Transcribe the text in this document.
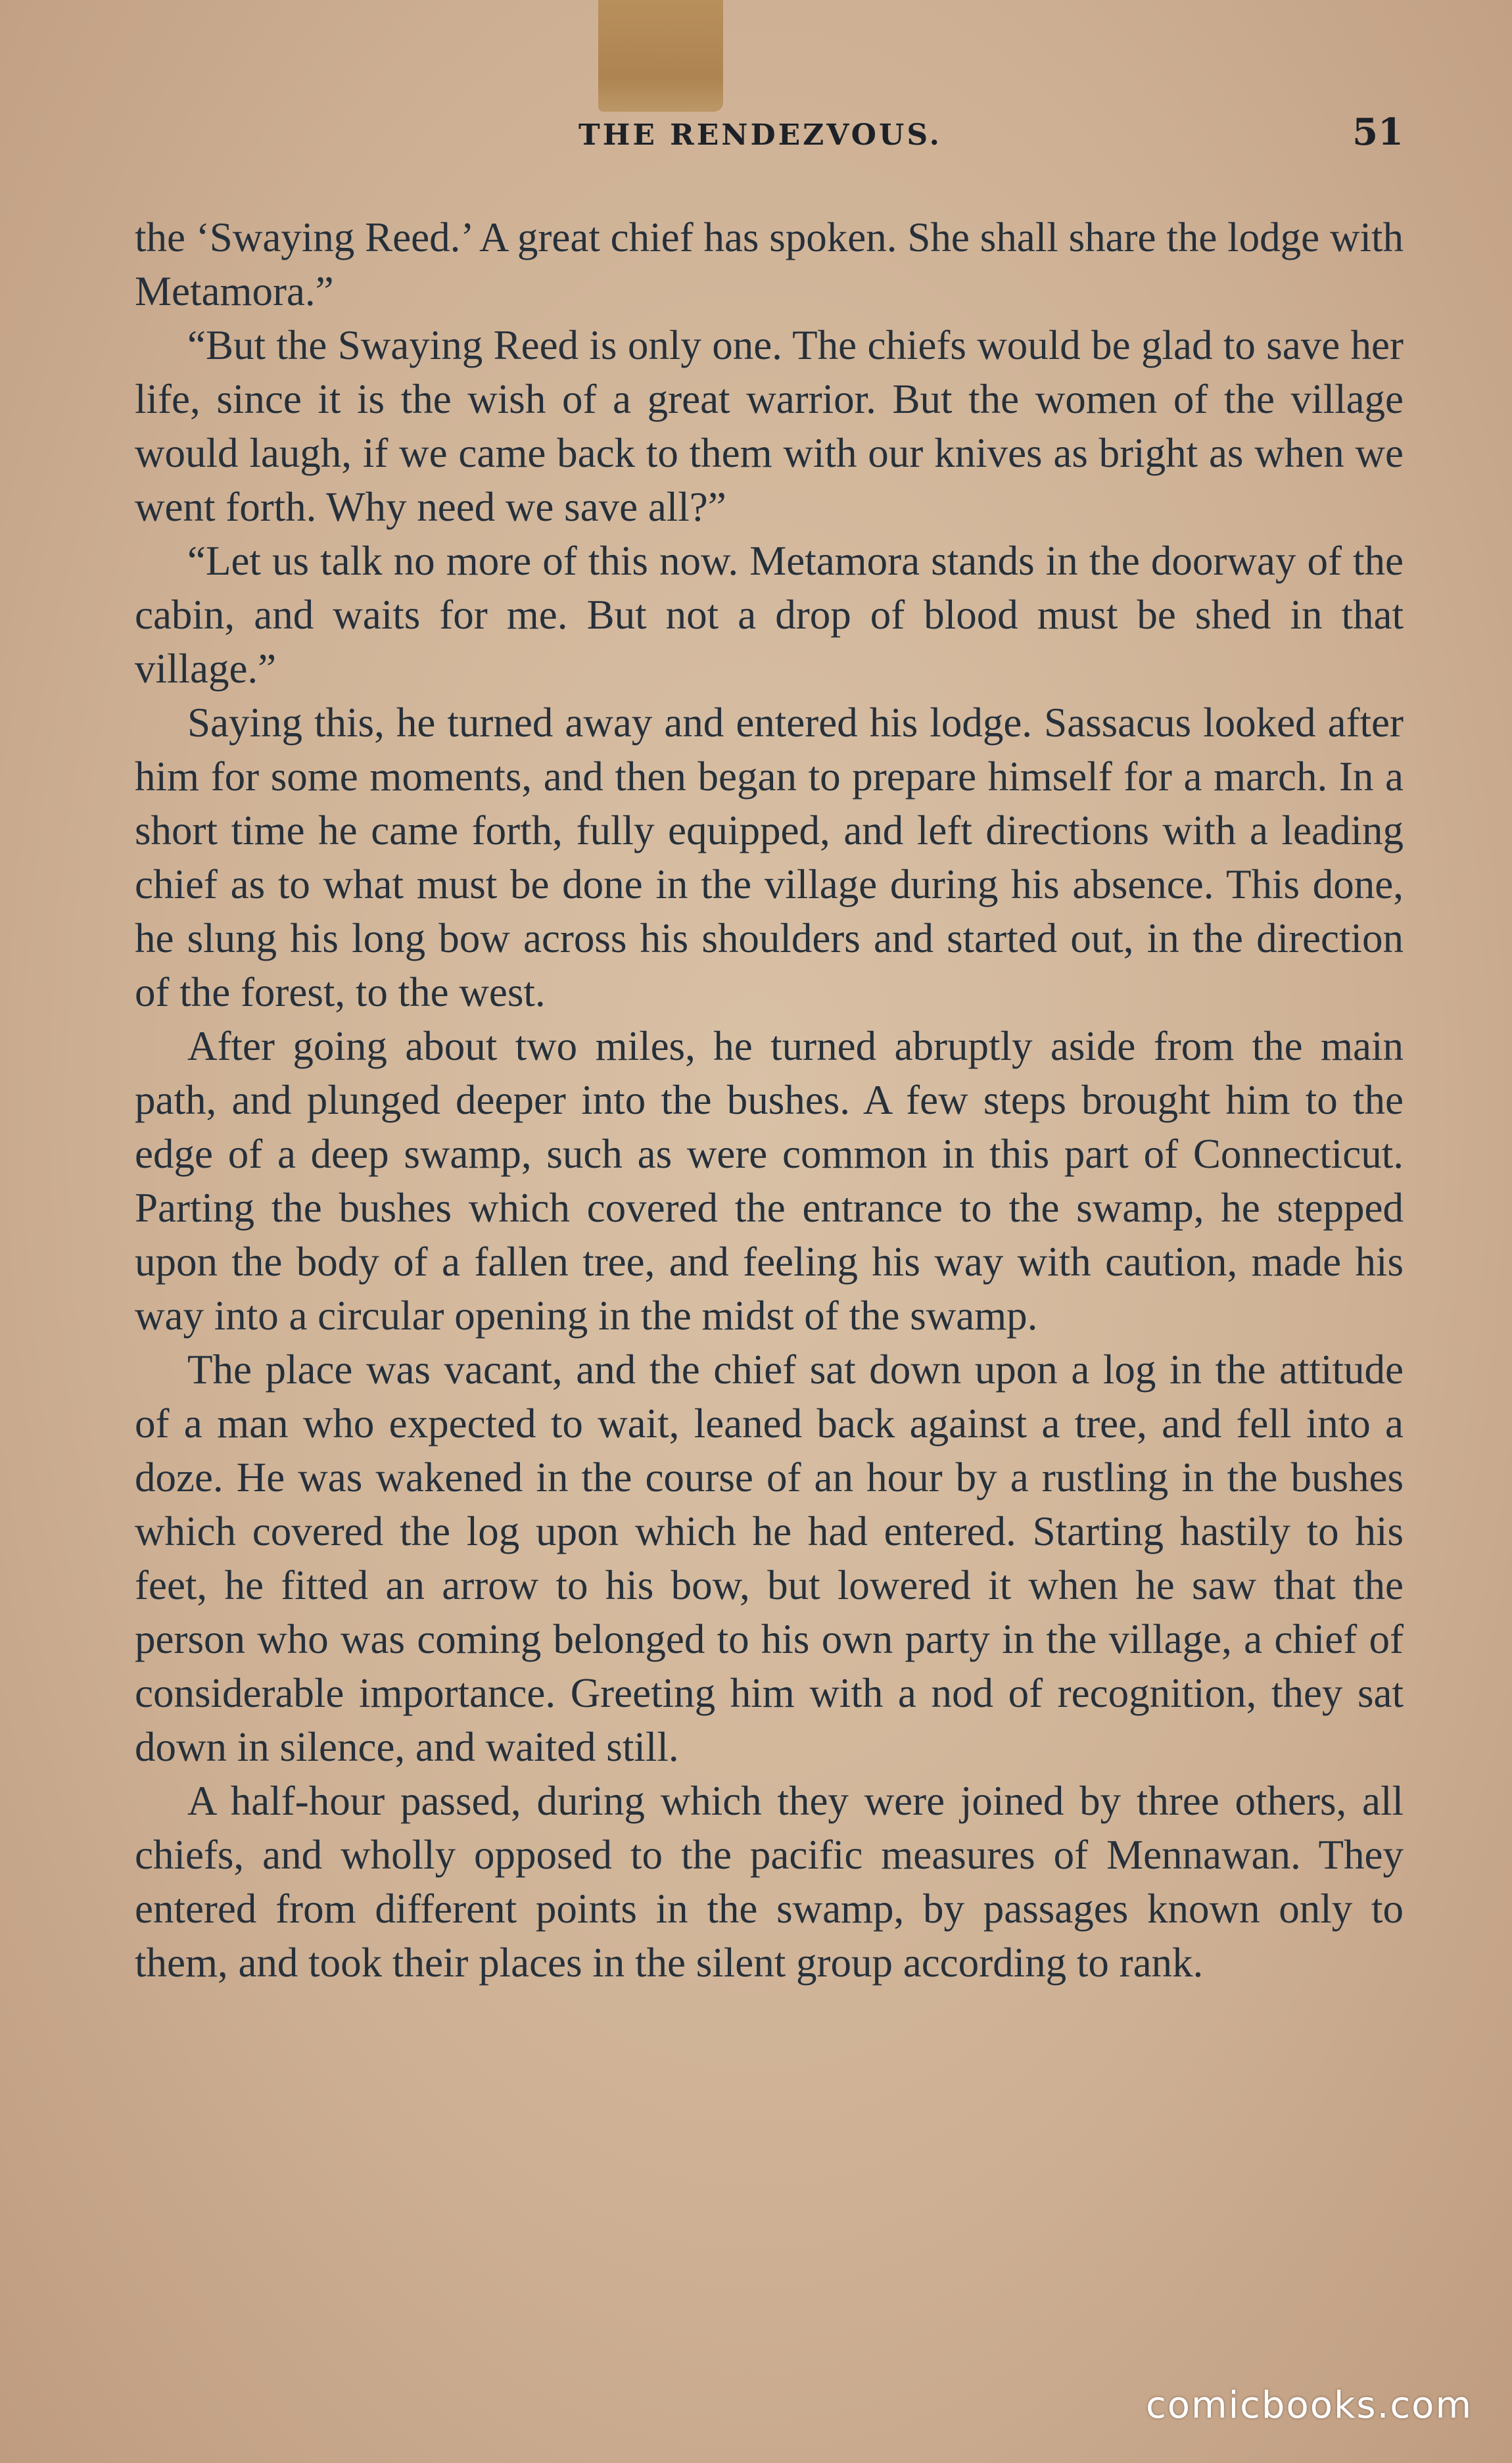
THE RENDEZVOUS.	51

the ‘Swaying Reed.’ A great chief has spoken. She shall share the lodge with Metamora.”

“But the Swaying Reed is only one. The chiefs would be glad to save her life, since it is the wish of a great warrior. But the women of the village would laugh, if we came back to them with our knives as bright as when we went forth. Why need we save all?”

“Let us talk no more of this now. Metamora stands in the doorway of the cabin, and waits for me. But not a drop of blood must be shed in that village.”

Saying this, he turned away and entered his lodge. Sassacus looked after him for some moments, and then began to prepare himself for a march. In a short time he came forth, fully equipped, and left directions with a leading chief as to what must be done in the village during his absence. This done, he slung his long bow across his shoulders and started out, in the direction of the forest, to the west.

After going about two miles, he turned abruptly aside from the main path, and plunged deeper into the bushes. A few steps brought him to the edge of a deep swamp, such as were common in this part of Connecticut. Parting the bushes which covered the entrance to the swamp, he stepped upon the body of a fallen tree, and feeling his way with caution, made his way into a circular opening in the midst of the swamp.

The place was vacant, and the chief sat down upon a log in the attitude of a man who expected to wait, leaned back against a tree, and fell into a doze. He was wakened in the course of an hour by a rustling in the bushes which covered the log upon which he had entered. Starting hastily to his feet, he fitted an arrow to his bow, but lowered it when he saw that the person who was coming belonged to his own party in the village, a chief of considerable importance. Greeting him with a nod of recognition, they sat down in silence, and waited still.

A half-hour passed, during which they were joined by three others, all chiefs, and wholly opposed to the pacific measures of Mennawan. They entered from different points in the swamp, by passages known only to them, and took their places in the silent group according to rank.

comicbooks.com
